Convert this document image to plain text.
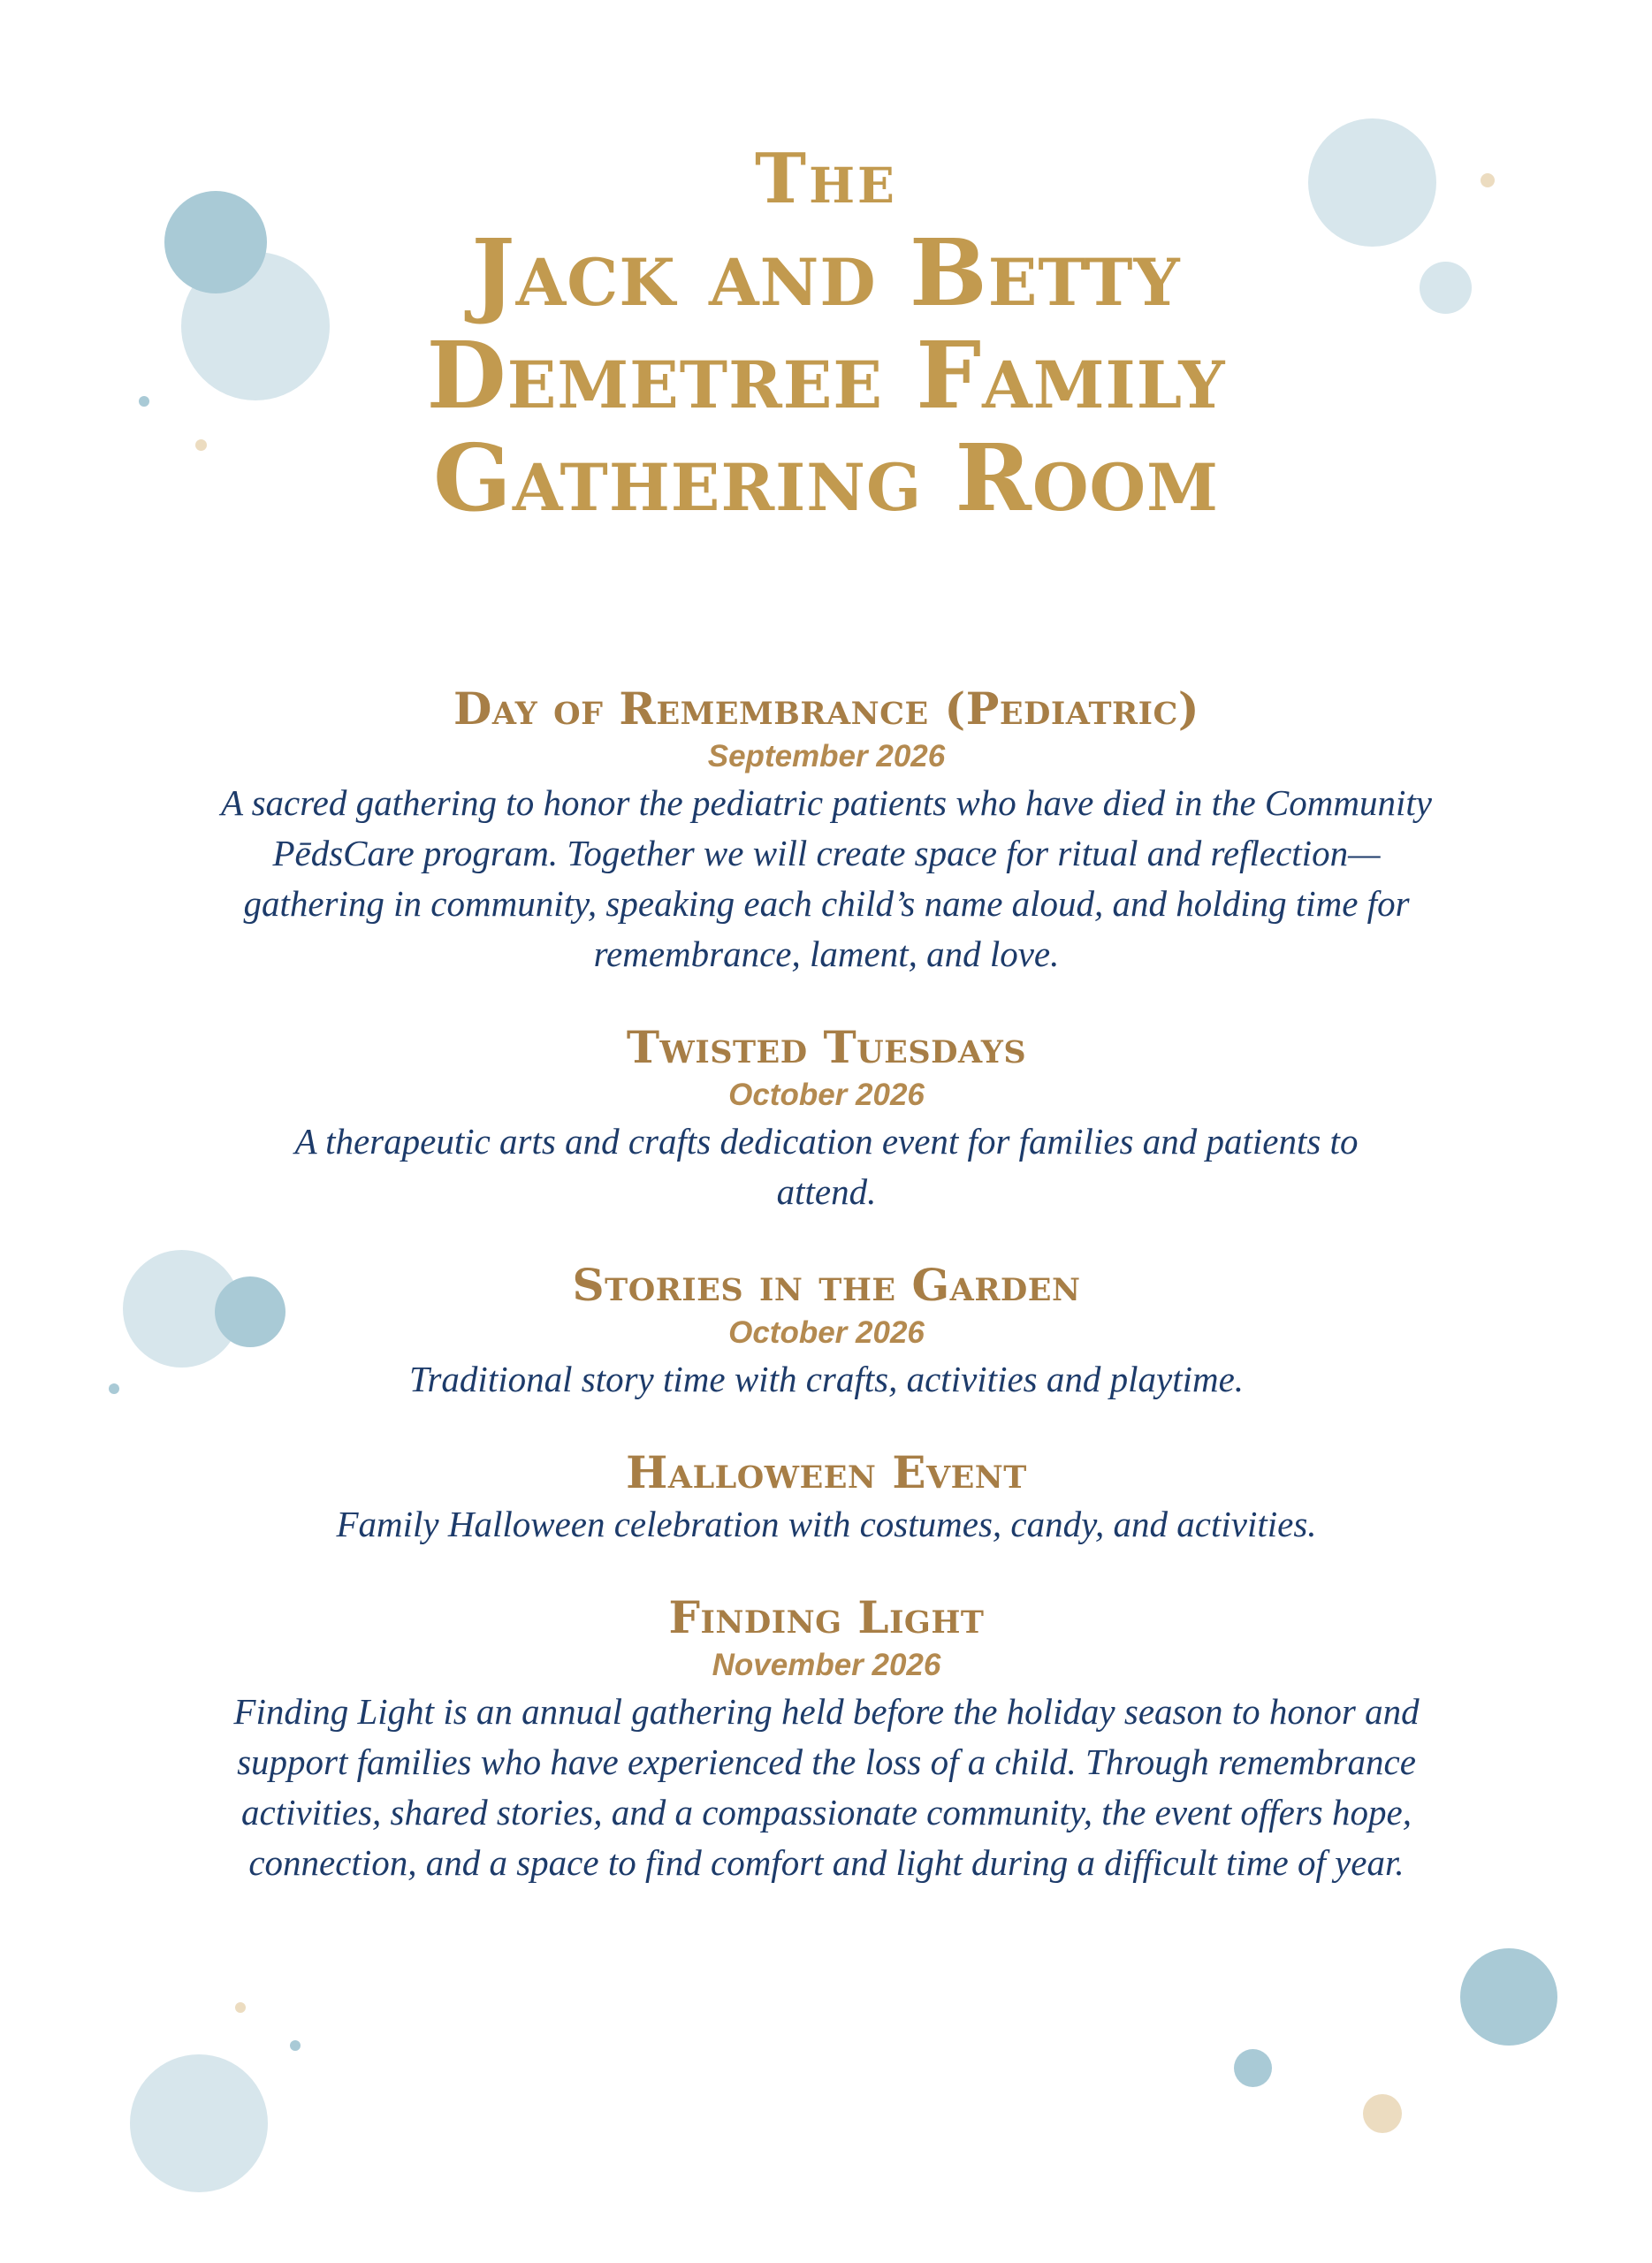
The
Jack and Betty
Demetree Family
Gathering Room
Day of Remembrance (Pediatric)
September 2026
A sacred gathering to honor the pediatric patients who have died in the Community PēdsCare program. Together we will create space for ritual and reflection—gathering in community, speaking each child’s name aloud, and holding time for remembrance, lament, and love.
Twisted Tuesdays
October 2026
A therapeutic arts and crafts dedication event for families and patients to attend.
Stories in the Garden
October 2026
Traditional story time with crafts, activities and playtime.
Halloween Event
Family Halloween celebration with costumes, candy, and activities.
Finding Light
November 2026
Finding Light is an annual gathering held before the holiday season to honor and support families who have experienced the loss of a child. Through remembrance activities, shared stories, and a compassionate community, the event offers hope, connection, and a space to find comfort and light during a difficult time of year.
